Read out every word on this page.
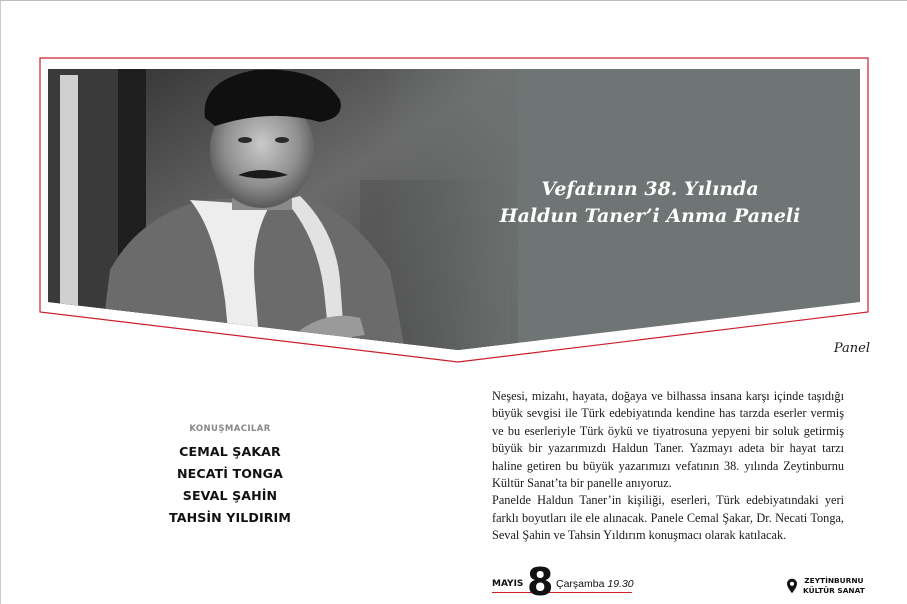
Vefatının 38. Yılında
Haldun Taner’i Anma Paneli
Panel
KONUŞMACILAR
CEMAL ŞAKAR
NECATİ TONGA
SEVAL ŞAHİN
TAHSİN YILDIRIM

Neşesi, mizahı, hayata, doğaya ve bilhassa insana karşı içinde taşıdığı büyük sevgisi ile Türk edebiyatında kendine has tarzda eserler vermiş ve bu eserleriyle Türk öykü ve tiyatrosuna yepyeni bir soluk getirmiş büyük bir yazarımızdı Haldun Taner. Yazmayı adeta bir hayat tarzı haline getiren bu büyük yazarımızı vefatının 38. yılında Zeytinburnu Kültür Sanat’ta bir panelle anıyoruz.

Panelde Haldun Taner’in kişiliği, eserleri, Türk edebiyatındaki yeri farklı boyutları ile ele alınacak. Panele Cemal Şakar, Dr. Necati Tonga, Seval Şahin ve Tahsin Yıldırım konuşmacı olarak katılacak.

MAYIS 8 Çarşamba 19.30	ZEYTİNBURNU
KÜLTÜR SANAT
